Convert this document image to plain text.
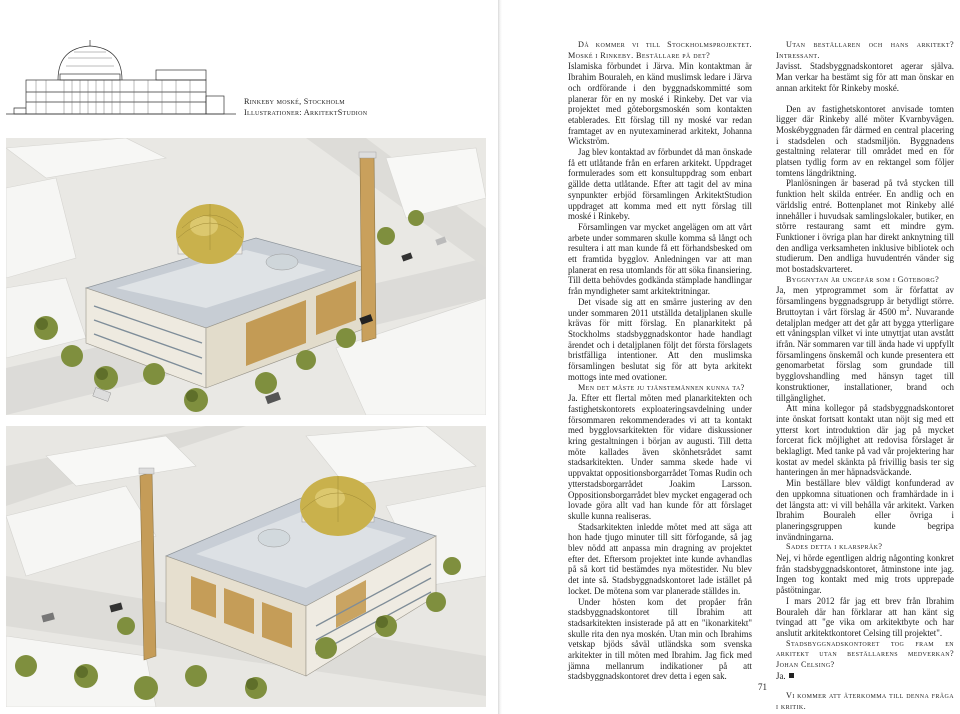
Rinkeby moské, Stockholm
Illustrationer: ArkitektStudion

Då kommer vi till Stockholmsprojektet. Moské i Rinkeby. Beställare på det?

Islamiska förbundet i Järva. Min kontaktman är Ibrahim Bouraleh, en känd muslimsk ledare i Järva och ordförande i den byggnadskommitté som planerar för en ny moské i Rinkeby. Det var via projektet med göteborgsmoskén som kontakten etablerades. Ett förslag till ny moské var redan framtaget av en nyutexaminerad arkitekt, Johanna Wickström.

Jag blev kontaktad av förbundet då man önskade få ett utlåtande från en erfaren arkitekt. Uppdraget formulerades som ett konsultuppdrag som enbart gällde detta utlåtande. Efter att tagit del av mina synpunkter erbjöd församlingen ArkitektStudion uppdraget att komma med ett nytt förslag till moské i Rinkeby.

Församlingen var mycket angelägen om att vårt arbete under sommaren skulle komma så långt och resultera i att man kunde få ett förhandsbesked om ett framtida bygglov. Anledningen var att man planerat en resa utomlands för att söka finansiering. Till detta behövdes godkända stämplade handlingar från myndigheter samt arkitektritningar.

Det visade sig att en smärre justering av den under sommaren 2011 utställda detaljplanen skulle krävas för mitt förslag. En planarkitekt på Stockholms stadsbyggnadskontor hade handlagt ärendet och i detaljplanen följt det första förslagets bristfälliga intentioner. Att den muslimska församlingen beslutat sig för att byta arkitekt mottogs inte med ovationer.

Men det måste ju tjänstemännen kunna ta?

Ja. Efter ett flertal möten med planarkitekten och fastighetskontorets exploateringsavdelning under försommaren rekommenderades vi att ta kontakt med bygglovsarkitekten för vidare diskussioner kring gestaltningen i början av augusti. Till detta möte kallades även skönhetsrådet samt stadsarkitekten. Under samma skede hade vi uppvaktat oppositionsborgarrådet Tomas Rudin och ytterstadsborgarrådet Joakim Larsson. Oppositionsborgarrådet blev mycket engagerad och lovade göra allt vad han kunde för att förslaget skulle kunna realiseras.

Stadsarkitekten inledde mötet med att säga att hon hade tjugo minuter till sitt förfogande, så jag blev nödd att anpassa min dragning av projektet efter det. Eftersom projektet inte kunde avhandlas på så kort tid bestämdes nya mötestider. Nu blev det inte så. Stadsbyggnadskontoret lade istället på locket. De mötena som var planerade ställdes in.

Under hösten kom det propåer från stadsbyggnadskontoret till Ibrahim att stadsarkitekten insisterade på att en "ikonarkitekt" skulle rita den nya moskén. Utan min och Ibrahims vetskap bjöds såväl utländska som svenska arkitekter in till möten med Ibrahim. Jag fick med jämna mellanrum indikationer på att stadsbyggnadskontoret drev detta i egen sak.

Utan beställaren och hans arkitekt? Intressant.

Javisst. Stadsbyggnadskontoret agerar själva. Man verkar ha bestämt sig för att man önskar en annan arkitekt för Rinkeby moské.

Den av fastighetskontoret anvisade tomten ligger där Rinkeby allé möter Kvarnbyvägen. Moskébyggnaden får därmed en central placering i stadsdelen och stadsmiljön. Byggnadens gestaltning relaterar till området med en för platsen tydlig form av en rektangel som följer tomtens längdriktning.

Planlösningen är baserad på två stycken till funktion helt skilda entréer. En andlig och en världslig entré. Bottenplanet mot Rinkeby allé innehåller i huvudsak samlingslokaler, butiker, en större restaurang samt ett mindre gym. Funktioner i övriga plan har direkt anknytning till den andliga verksamheten inklusive bibliotek och studierum. Den andliga huvudentrén vänder sig mot bostadskvarteret.

Byggnytan är ungefär som i Göteborg?

Ja, men ytprogrammet som är författat av församlingens byggnadsgrupp är betydligt större. Bruttoytan i vårt förslag är 4500 $m^2$. Nuvarande detaljplan medger att det går att bygga ytterligare ett våningsplan vilket vi inte utnyttjat utan avstått ifrån. När sommaren var till ända hade vi uppfyllt församlingens önskemål och kunde presentera ett genomarbetat förslag som grundade till bygglovshandling med hänsyn taget till konstruktioner, installationer, brand och tillgänglighet.

Att mina kollegor på stadsbyggnadskontoret inte önskat fortsatt kontakt utan nöjt sig med ett ytterst kort introduktion där jag på mycket forcerat fick möjlighet att redovisa förslaget är beklagligt. Med tanke på vad vår projektering har kostat av medel skänkta på frivillig basis ter sig hanteringen än mer häpnadsväckande.

Min beställare blev väldigt konfunderad av den uppkomna situationen och framhärdade in i det längsta att: vi vill behålla vår arkitekt. Varken Ibrahim Bouraleh eller övriga i planeringsgruppen kunde begripa invändningarna.

Sades detta i klarspråk?

Nej, vi hörde egentligen aldrig någonting konkret från stadsbyggnadskontoret, åtminstone inte jag. Ingen tog kontakt med mig trots upprepade påstötningar.

I mars 2012 får jag ett brev från Ibrahim Bouraleh där han förklarar att han känt sig tvingad att "ge vika om arkitektbyte och har anslutit arkitektkontoret Celsing till projektet".

Stadsbyggnadskontoret tog fram en arkitekt utan beställarens medverkan? Johan Celsing?

Ja.

Vi kommer att återkomma till denna fråga i kritik.

71
